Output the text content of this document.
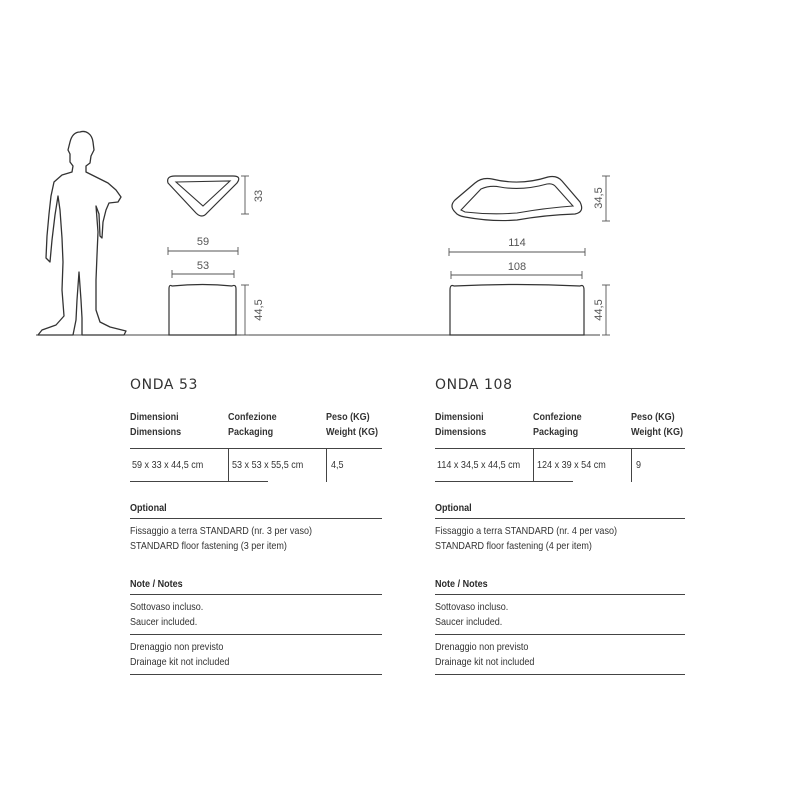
33
59
53
44,5
34,5
114
108
44,5
ONDA 53
Dimensioni
Dimensions
Confezione
Packaging
Peso (KG)
Weight (KG)
59 x 33 x 44,5 cm	53 x 53 x 55,5 cm	4,5
Optional
Fissaggio a terra STANDARD (nr. 3 per vaso)
STANDARD floor fastening (3 per item)
Note / Notes
Sottovaso incluso.
Saucer included.
Drenaggio non previsto
Drainage kit not included
ONDA 108
Dimensioni
Dimensions
Confezione
Packaging
Peso (KG)
Weight (KG)
114 x 34,5 x 44,5 cm 124 x 39 x 54 cm	9
Optional
Fissaggio a terra STANDARD (nr. 4 per vaso)
STANDARD floor fastening (4 per item)
Note / Notes
Sottovaso incluso.
Saucer included.
Drenaggio non previsto
Drainage kit not included
